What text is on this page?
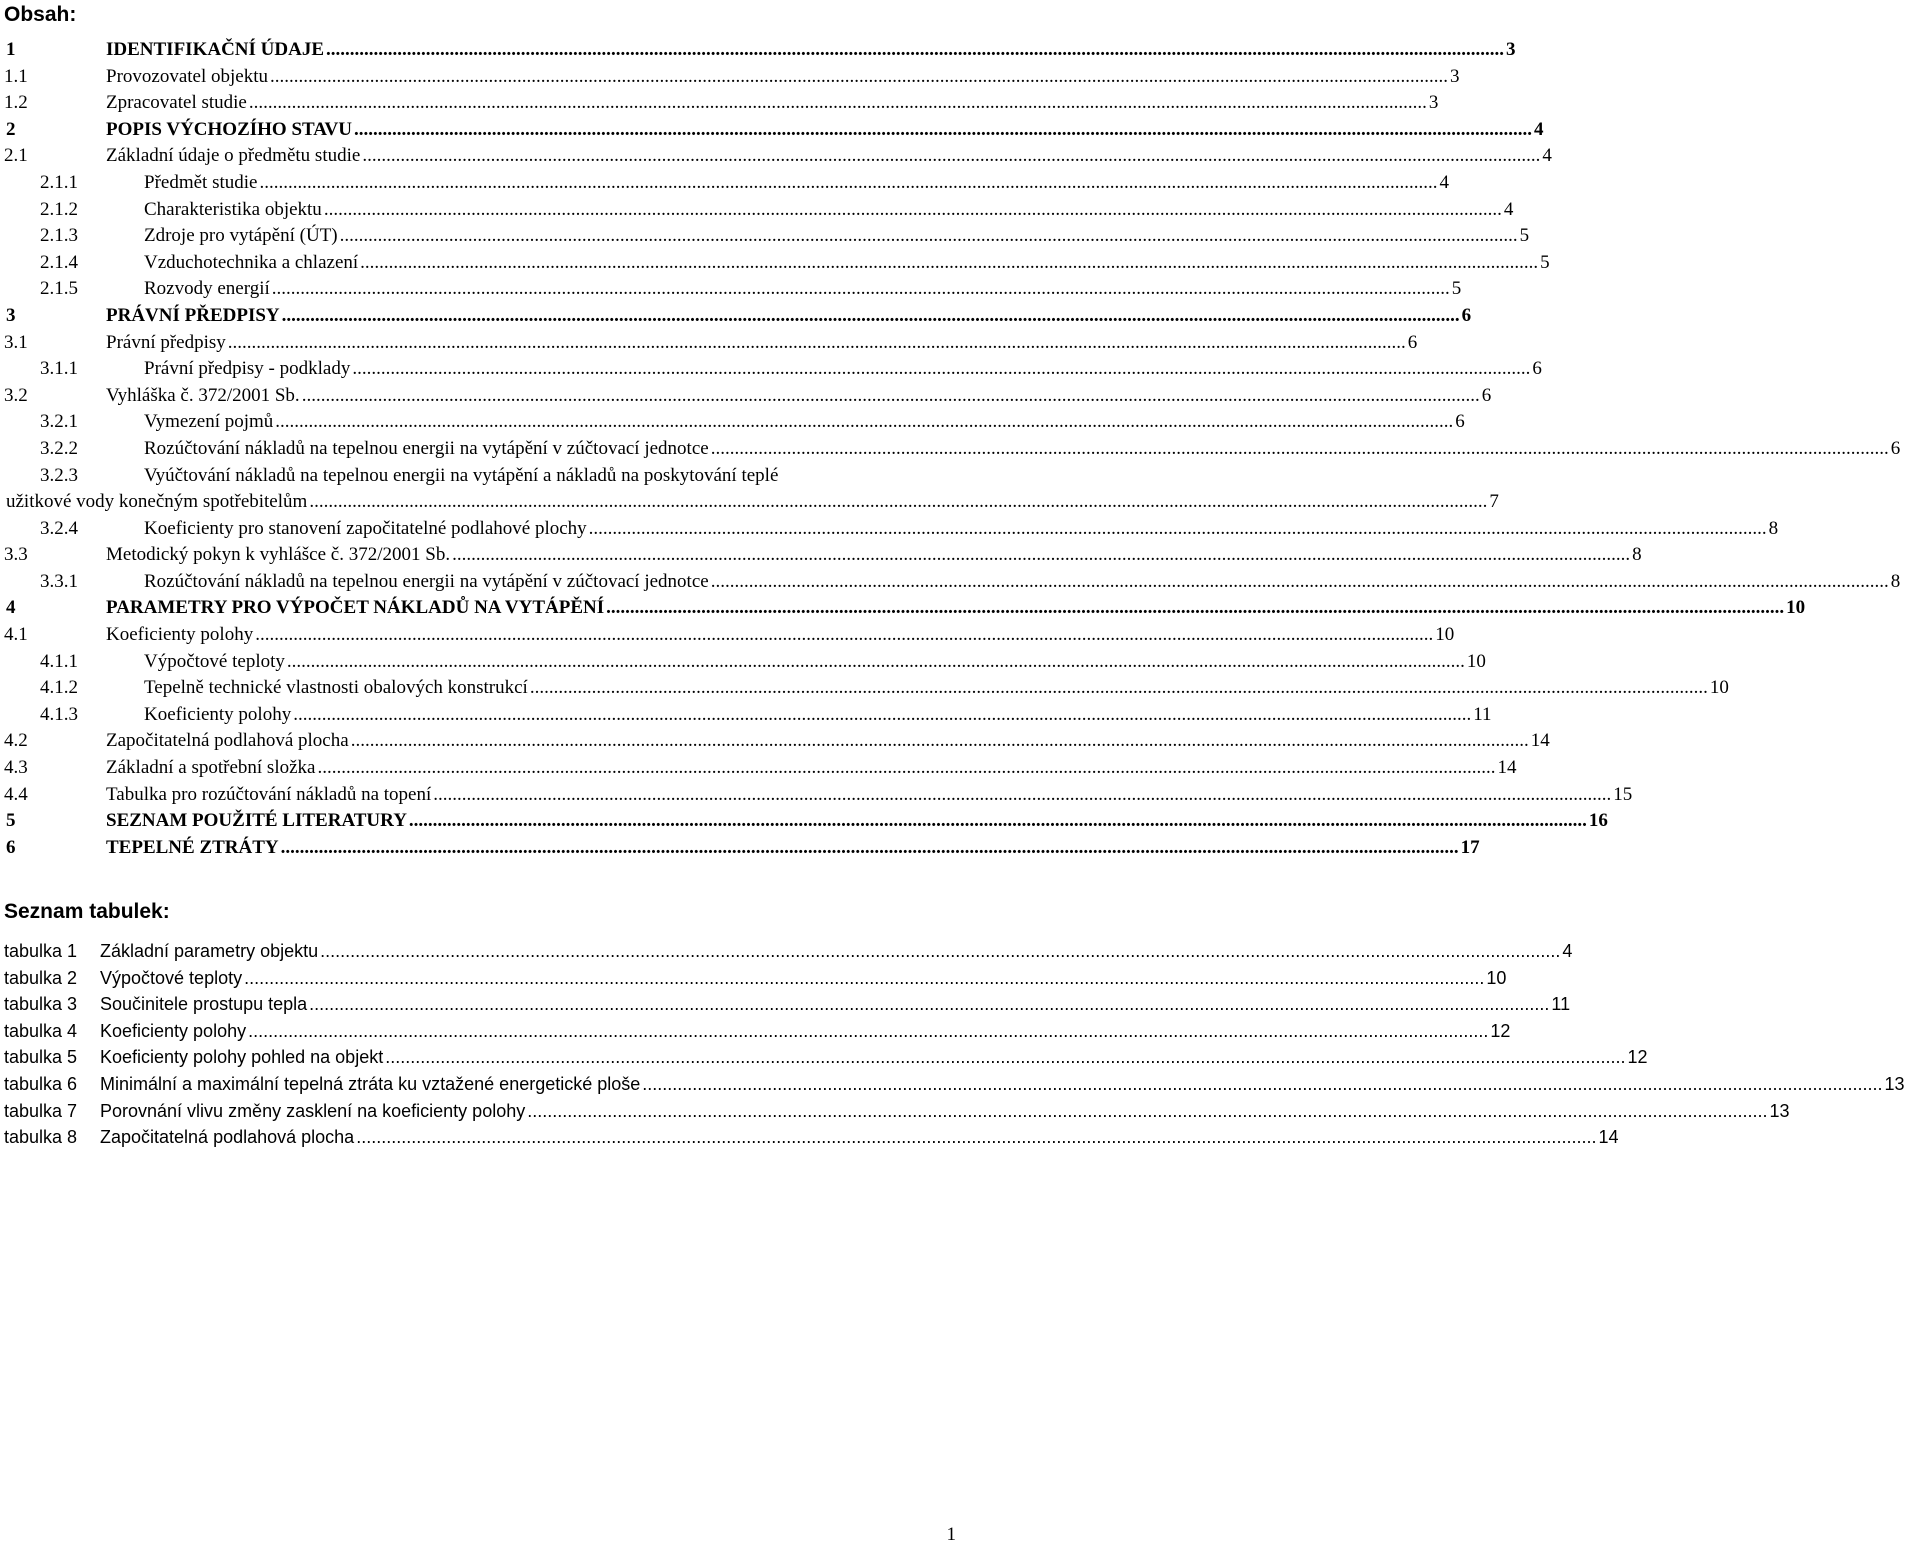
Obsah:
1	IDENTIFIKAČNÍ ÚDAJE .....	3
1.1	Provozovatel objektu .....	3
1.2	Zpracovatel studie .....	3
2	POPIS VÝCHOZÍHO STAVU .....	4
2.1	Základní údaje o předmětu studie .....	4
2.1.1	Předmět studie .....	4
2.1.2	Charakteristika objektu .....	4
2.1.3	Zdroje pro vytápění (ÚT) .....	5
2.1.4	Vzduchotechnika a chlazení .....	5
2.1.5	Rozvody energií .....	5
3	PRÁVNÍ PŘEDPISY .....	6
3.1	Právní předpisy .....	6
3.1.1	Právní předpisy - podklady .....	6
3.2	Vyhláška č. 372/2001 Sb. .....	6
3.2.1	Vymezení pojmů .....	6
3.2.2	Rozúčtování nákladů na tepelnou energii na vytápění v zúčtovací jednotce .....	6
3.2.3	Vyúčtování nákladů na tepelnou energii na vytápění a nákladů na poskytování teplé
užitkové vody konečným spotřebitelům .....	7
3.2.4	Koeficienty pro stanovení započitatelné podlahové plochy .....	8
3.3	Metodický pokyn k vyhlášce č. 372/2001 Sb. .....	8
3.3.1	Rozúčtování nákladů na tepelnou energii na vytápění v zúčtovací jednotce .....	8
4	PARAMETRY PRO VÝPOČET NÁKLADŮ NA VYTÁPĚNÍ .....	10
4.1	Koeficienty polohy .....	10
4.1.1	Výpočtové teploty .....	10
4.1.2	Tepelně technické vlastnosti obalových konstrukcí .....	10
4.1.3	Koeficienty polohy .....	11
4.2	Započitatelná podlahová plocha .....	14
4.3	Základní a spotřební složka .....	14
4.4	Tabulka pro rozúčtování nákladů na topení .....	15
5	SEZNAM POUŽITÉ LITERATURY .....	16
6	TEPELNÉ ZTRÁTY .....	17
Seznam tabulek:
tabulka 1	Základní parametry objektu .....	4
tabulka 2	Výpočtové teploty .....	10
tabulka 3	Součinitele prostupu tepla .....	11
tabulka 4	Koeficienty polohy .....	12
tabulka 5	Koeficienty polohy pohled na objekt .....	12
tabulka 6	Minimální a maximální tepelná ztráta ku vztažené energetické ploše .....	13
tabulka 7	Porovnání vlivu změny zasklení na koeficienty polohy .....	13
tabulka 8	Započitatelná podlahová plocha .....	14
1
